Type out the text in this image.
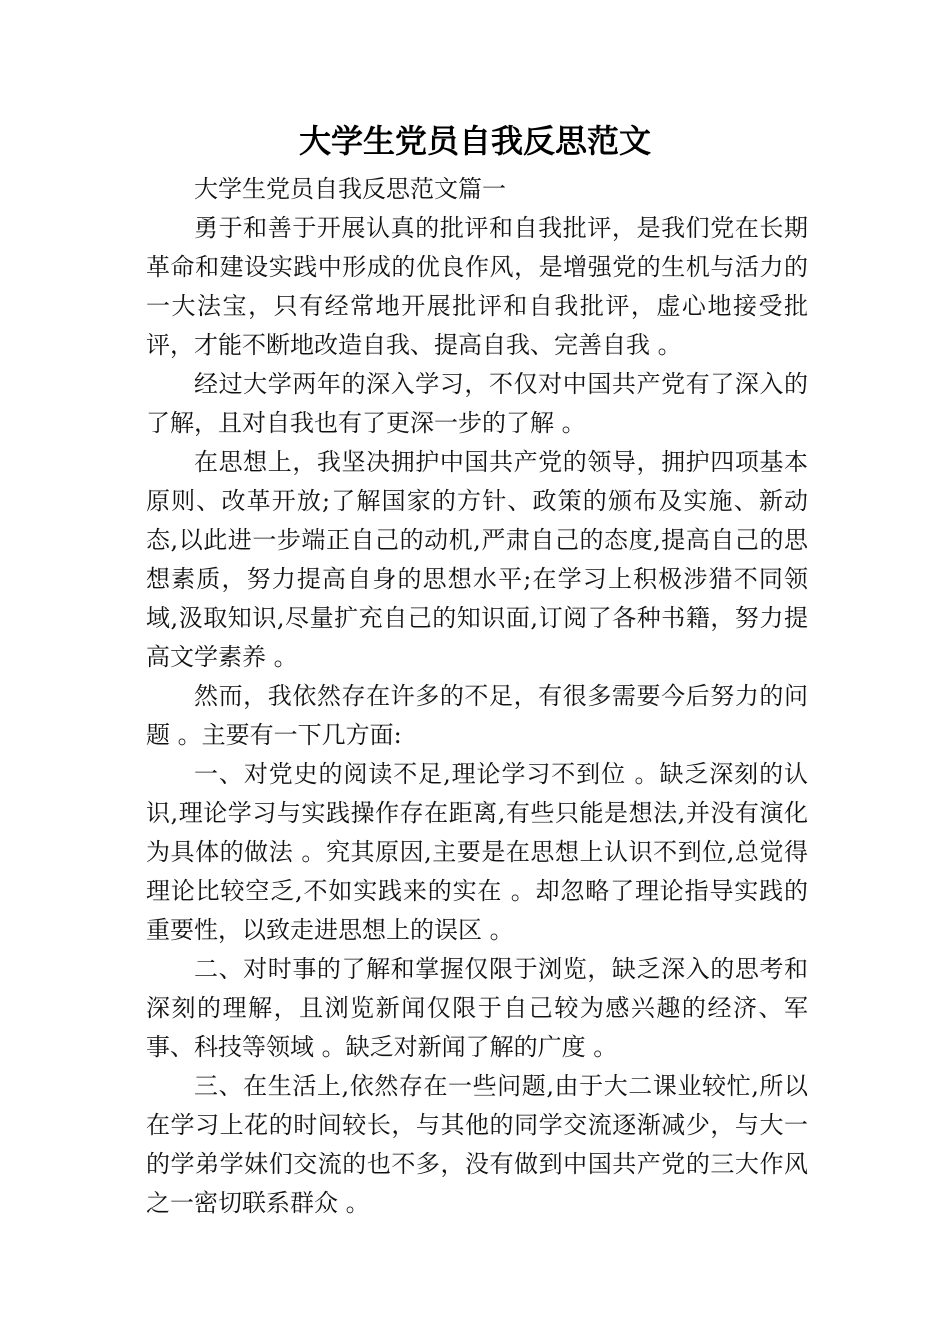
大学生党员自我反思范文

大学生党员自我反思范文篇一

勇于和善于开展认真的批评和自我批评，是我们党在长期革命和建设实践中形成的优良作风，是增强党的生机与活力的一大法宝，只有经常地开展批评和自我批评，虚心地接受批评，才能不断地改造自我、提高自我、完善自我 。

经过大学两年的深入学习，不仅对中国共产党有了深入的了解，且对自我也有了更深一步的了解 。

在思想上，我坚决拥护中国共产党的领导，拥护四项基本原则、改革开放;了解国家的方针、政策的颁布及实施、新动态,以此进一步端正自己的动机,严肃自己的态度,提高自己的思想素质，努力提高自身的思想水平;在学习上积极涉猎不同领域,汲取知识,尽量扩充自己的知识面,订阅了各种书籍，努力提高文学素养 。

然而，我依然存在许多的不足，有很多需要今后努力的问题 。主要有一下几方面:

一、对党史的阅读不足,理论学习不到位 。缺乏深刻的认识,理论学习与实践操作存在距离,有些只能是想法,并没有演化为具体的做法 。究其原因,主要是在思想上认识不到位,总觉得理论比较空乏,不如实践来的实在 。却忽略了理论指导实践的重要性，以致走进思想上的误区 。

二、对时事的了解和掌握仅限于浏览，缺乏深入的思考和深刻的理解，且浏览新闻仅限于自己较为感兴趣的经济、军事、科技等领域 。缺乏对新闻了解的广度 。

三、在生活上,依然存在一些问题,由于大二课业较忙,所以在学习上花的时间较长，与其他的同学交流逐渐减少，与大一的学弟学妹们交流的也不多，没有做到中国共产党的三大作风之一密切联系群众 。
